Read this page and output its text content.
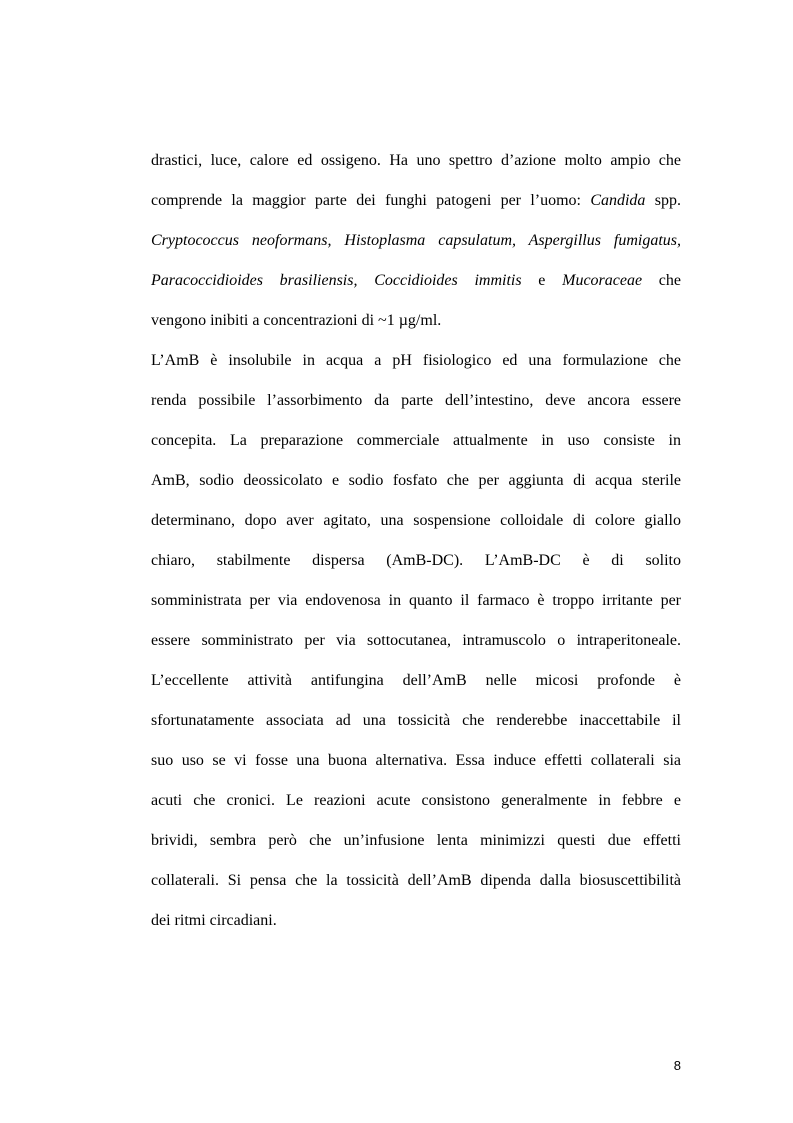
drastici, luce, calore ed ossigeno. Ha uno spettro d’azione molto ampio che
comprende la maggior parte dei funghi patogeni per l’uomo: Candida spp.
Cryptococcus neoformans, Histoplasma capsulatum, Aspergillus fumigatus,
Paracoccidioides brasiliensis, Coccidioides immitis e Mucoraceae che
vengono inibiti a concentrazioni di ~1 µg/ml.

L’AmB è insolubile in acqua a pH fisiologico ed una formulazione che
renda possibile l’assorbimento da parte dell’intestino, deve ancora essere
concepita. La preparazione commerciale attualmente in uso consiste in
AmB, sodio deossicolato e sodio fosfato che per aggiunta di acqua sterile
determinano, dopo aver agitato, una sospensione colloidale di colore giallo
chiaro, stabilmente dispersa (AmB-DC). L’AmB-DC è di solito
somministrata per via endovenosa in quanto il farmaco è troppo irritante per
essere somministrato per via sottocutanea, intramuscolo o intraperitoneale.
L’eccellente attività antifungina dell’AmB nelle micosi profonde è
sfortunatamente associata ad una tossicità che renderebbe inaccettabile il
suo uso se vi fosse una buona alternativa. Essa induce effetti collaterali sia
acuti che cronici. Le reazioni acute consistono generalmente in febbre e
brividi, sembra però che un’infusione lenta minimizzi questi due effetti
collaterali. Si pensa che la tossicità dell’AmB dipenda dalla biosuscettibilità
dei ritmi circadiani.

8
